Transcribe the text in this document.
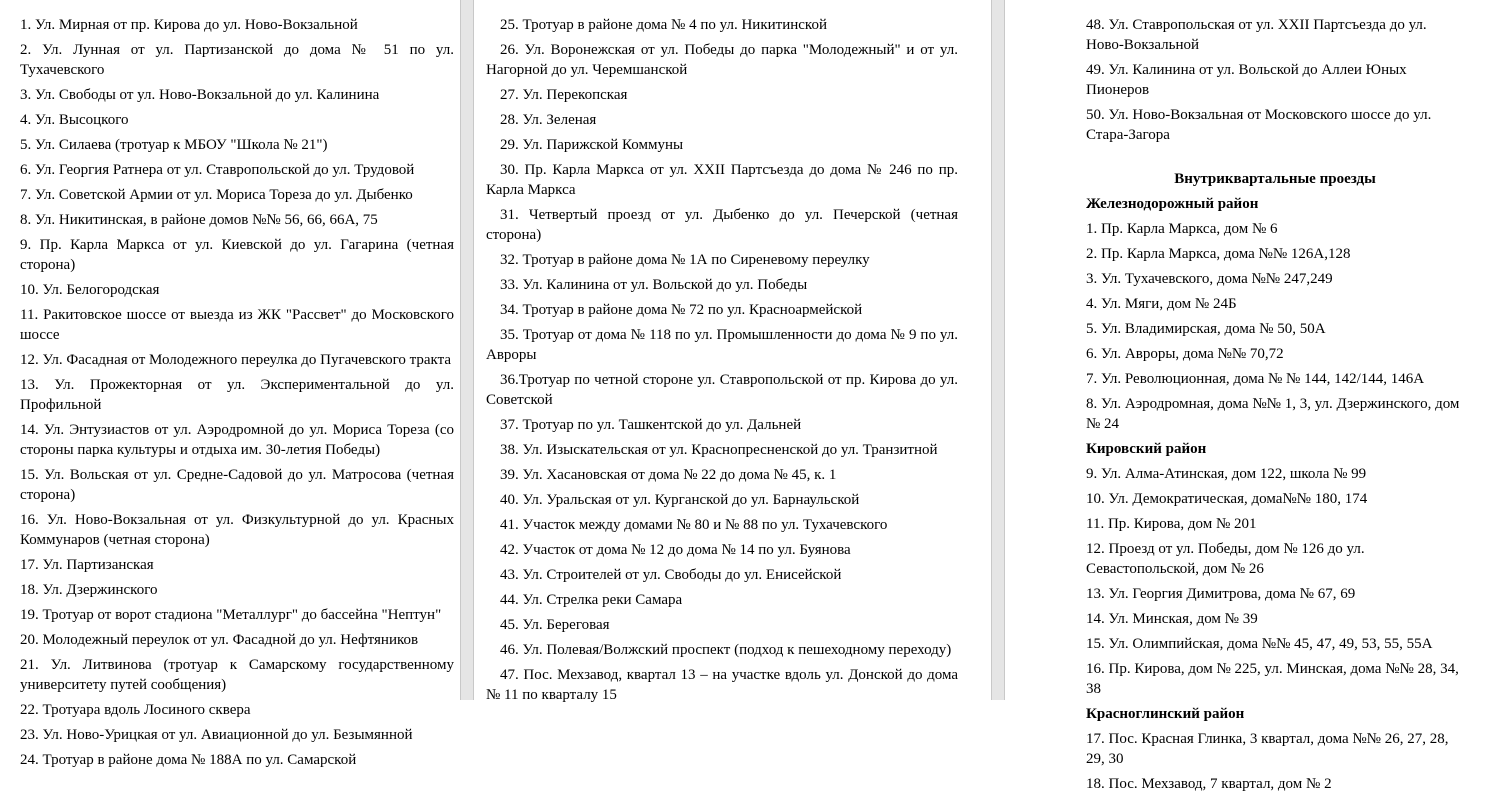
1. Ул. Мирная от пр. Кирова до ул. Ново-Вокзальной

2. Ул. Лунная от ул. Партизанской до дома № 51 по ул. Тухачевского

3. Ул. Свободы от ул. Ново-Вокзальной до ул. Калинина

4. Ул. Высоцкого

5. Ул. Силаева (тротуар к МБОУ "Школа № 21")

6. Ул. Георгия Ратнера от ул. Ставропольской до ул. Трудовой

7. Ул. Советской Армии от ул. Мориса Тореза до ул. Дыбенко

8. Ул. Никитинская, в районе домов №№ 56, 66, 66А, 75

9. Пр. Карла Маркса от ул. Киевской до ул. Гагарина (четная сторона)

10. Ул. Белогородская

11. Ракитовское шоссе от выезда из ЖК "Рассвет" до Московского шоссе

12. Ул. Фасадная от Молодежного переулка до Пугачевского тракта

13. Ул. Прожекторная от ул. Экспериментальной до ул. Профильной

14. Ул. Энтузиастов от ул. Аэродромной до ул. Мориса Тореза (со стороны парка культуры и отдыха им. 30-летия Победы)

15. Ул. Вольская от ул. Средне-Садовой до ул. Матросова (четная сторона)

16. Ул. Ново-Вокзальная от ул. Физкультурной до ул. Красных Коммунаров (четная сторона)

17. Ул. Партизанская

18. Ул. Дзержинского

19. Тротуар от ворот стадиона "Металлург" до бассейна "Нептун"

20. Молодежный переулок от ул. Фасадной до ул. Нефтяников

21. Ул. Литвинова (тротуар к Самарскому государственному университету путей сообщения)

22. Тротуара вдоль Лосиного сквера

23. Ул. Ново-Урицкая от ул. Авиационной до ул. Безымянной

24. Тротуар в районе дома № 188А по ул. Самарской

25. Тротуар в районе дома № 4 по ул. Никитинской

26. Ул. Воронежская от ул. Победы до парка "Молодежный" и от ул. Нагорной до ул. Черемшанской

27. Ул. Перекопская

28. Ул. Зеленая

29. Ул. Парижской Коммуны

30. Пр. Карла Маркса от ул. XXII Партсъезда до дома № 246 по пр. Карла Маркса

31. Четвертый проезд от ул. Дыбенко до ул. Печерской (четная сторона)

32. Тротуар в районе дома № 1А по Сиреневому переулку

33. Ул. Калинина от ул. Вольской до ул. Победы

34. Тротуар в районе дома № 72 по ул. Красноармейской

35. Тротуар от дома № 118 по ул. Промышленности до дома № 9 по ул. Авроры

36.Тротуар по четной стороне ул. Ставропольской от пр. Кирова до ул. Советской

37. Тротуар по ул. Ташкентской до ул. Дальней

38. Ул. Изыскательская от ул. Краснопресненской до ул. Транзитной

39. Ул. Хасановская от дома № 22 до дома № 45, к. 1

40. Ул. Уральская от ул. Курганской до ул. Барнаульской

41. Участок между домами № 80 и № 88 по ул. Тухачевского

42. Участок от дома № 12 до дома № 14 по ул. Буянова

43. Ул. Строителей от ул. Свободы до ул. Енисейской

44. Ул. Стрелка реки Самара

45. Ул. Береговая

46. Ул. Полевая/Волжский проспект (подход к пешеходному переходу)

47. Пос. Мехзавод, квартал 13 – на участке вдоль ул. Донской до дома № 11 по кварталу 15

48. Ул. Ставропольская от ул. XXII Партсъезда до ул. Ново-Вокзальной

49. Ул. Калинина от ул. Вольской до Аллеи Юных Пионеров

50. Ул. Ново-Вокзальная от Московского шоссе до ул. Стара-Загора

Внутриквартальные проезды
Железнодорожный район

1. Пр. Карла Маркса, дом № 6

2. Пр. Карла Маркса, дома №№ 126А,128

3. Ул. Тухачевского, дома №№ 247,249

4. Ул. Мяги, дом № 24Б

5. Ул. Владимирская, дома № 50, 50А

6. Ул. Авроры, дома №№ 70,72

7. Ул. Революционная, дома № № 144, 142/144, 146А

8. Ул. Аэродромная, дома №№ 1, 3, ул. Дзержинского, дом № 24

Кировский район

9. Ул. Алма-Атинская, дом 122, школа № 99

10. Ул. Демократическая, дома№№ 180, 174

11. Пр. Кирова, дом № 201

12. Проезд от ул. Победы, дом № 126 до ул. Севастопольской, дом № 26

13. Ул. Георгия Димитрова, дома № 67, 69

14. Ул. Минская, дом № 39

15. Ул. Олимпийская, дома №№ 45, 47, 49, 53, 55, 55А

16. Пр. Кирова, дом № 225, ул. Минская, дома №№ 28, 34, 38

Красноглинский район

17. Пос. Красная Глинка, 3 квартал, дома №№ 26, 27, 28, 29, 30

18. Пос. Мехзавод, 7 квартал, дом № 2
